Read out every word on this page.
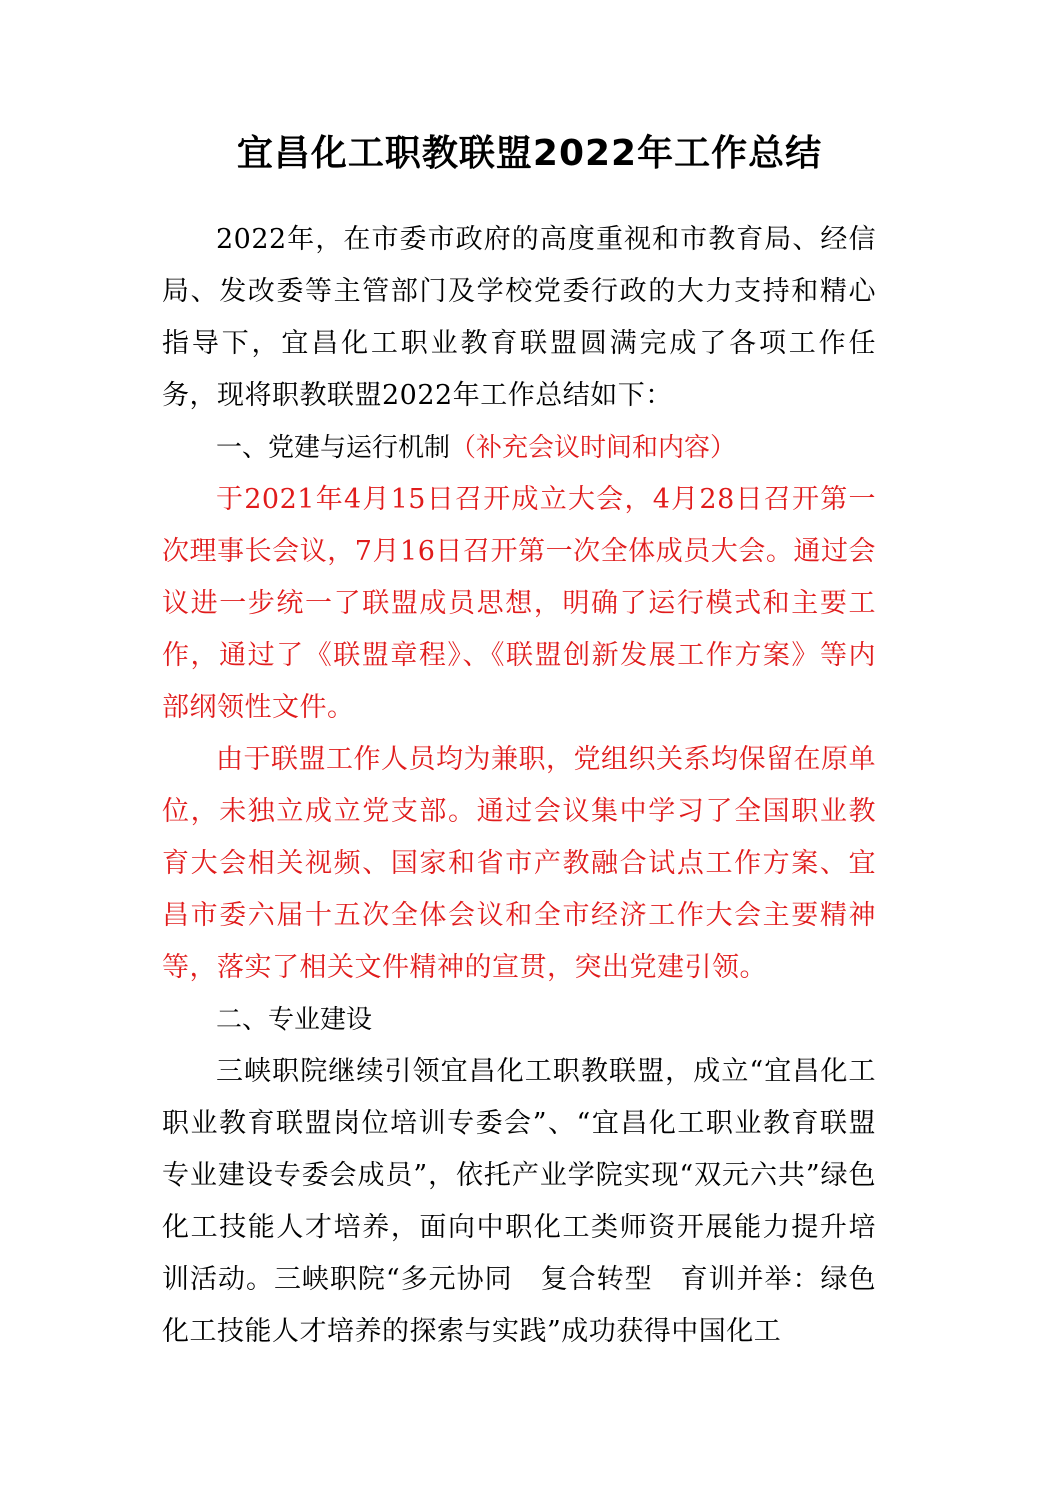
宜昌化工职教联盟2022年工作总结

2022年，在市委市政府的高度重视和市教育局、经信局、发改委等主管部门及学校党委行政的大力支持和精心指导下，宜昌化工职业教育联盟圆满完成了各项工作任务，现将职教联盟2022年工作总结如下：

一、党建与运行机制（补充会议时间和内容）

于2021年4月15日召开成立大会，4月28日召开第一次理事长会议，7月16日召开第一次全体成员大会。通过会议进一步统一了联盟成员思想，明确了运行模式和主要工作，通过了《联盟章程》、《联盟创新发展工作方案》等内部纲领性文件。

由于联盟工作人员均为兼职，党组织关系均保留在原单位，未独立成立党支部。通过会议集中学习了全国职业教育大会相关视频、国家和省市产教融合试点工作方案、宜昌市委六届十五次全体会议和全市经济工作大会主要精神等，落实了相关文件精神的宣贯，突出党建引领。

二、专业建设

三峡职院继续引领宜昌化工职教联盟，成立“宜昌化工职业教育联盟岗位培训专委会”、“宜昌化工职业教育联盟专业建设专委会成员”，依托产业学院实现“双元六共”绿色化工技能人才培养，面向中职化工类师资开展能力提升培训活动。三峡职院“多元协同　复合转型　育训并举：绿色化工技能人才培养的探索与实践”成功获得中国化工
